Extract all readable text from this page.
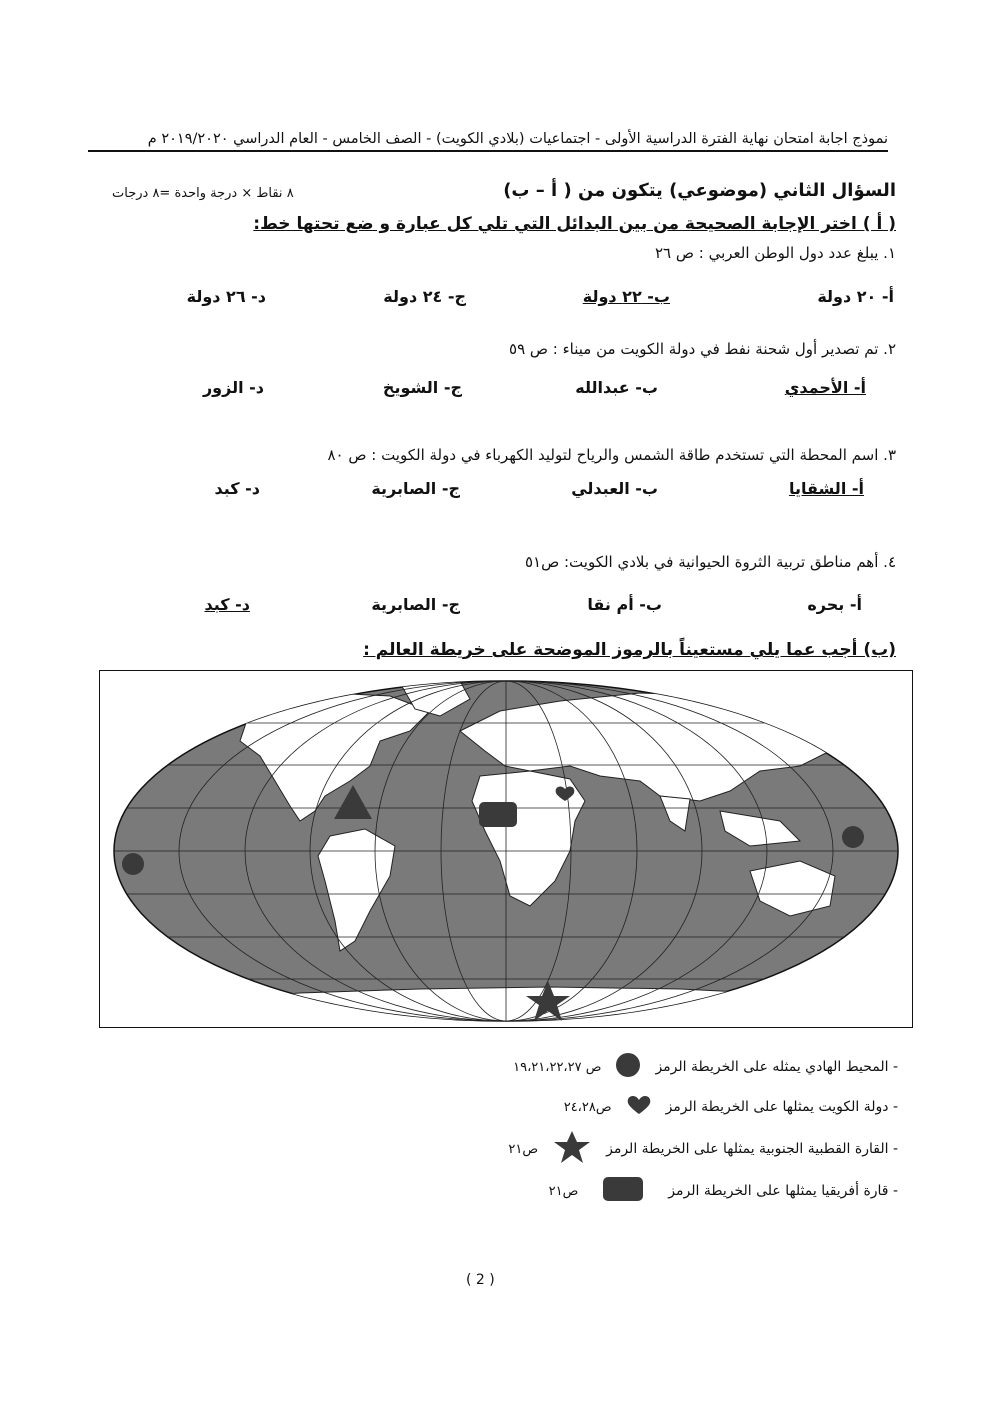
نموذج اجابة امتحان نهاية الفترة الدراسية الأولى - اجتماعيات (بلادي الكويت) - الصف الخامس - العام الدراسي ٢٠١٩/٢٠٢٠ م
السؤال الثاني (موضوعي) يتكون من ( أ – ب)
٨ نقاط × درجة واحدة =٨ درجات
( أ ) اختر الإجابة الصحيحة من بين البدائل التي تلي كل عبارة و ضع تحتها خط:
١. يبلغ عدد دول الوطن العربي : ص ٢٦
أ- ٢٠ دولة
ب- ٢٢ دولة
ج- ٢٤ دولة
د- ٢٦ دولة
٢. تم تصدير أول شحنة نفط في دولة الكويت من ميناء : ص ٥٩
أ- الأحمدي
ب- عبدالله
ج- الشويخ
د- الزور
٣. اسم المحطة التي تستخدم طاقة الشمس والرياح لتوليد الكهرباء في دولة الكويت : ص ٨٠
أ- الشقايا
ب- العبدلي
ج- الصابرية
د- كبد
٤. أهم مناطق تربية الثروة الحيوانية في بلادي الكويت: ص٥١
أ- بحره
ب- أم نقا
ج- الصابرية
د- كبد
(ب) أجب عما يلي مستعيناً بالرموز الموضحة على خريطة العالم :
- المحيط الهادي يمثله على الخريطة الرمز
ص ١٩،٢١،٢٢،٢٧
- دولة الكويت يمثلها على الخريطة الرمز
ص٢٤،٢٨
- القارة القطبية الجنوبية يمثلها على الخريطة الرمز
ص٢١
- قارة أفريقيا يمثلها على الخريطة الرمز
ص٢١
( 2 )
